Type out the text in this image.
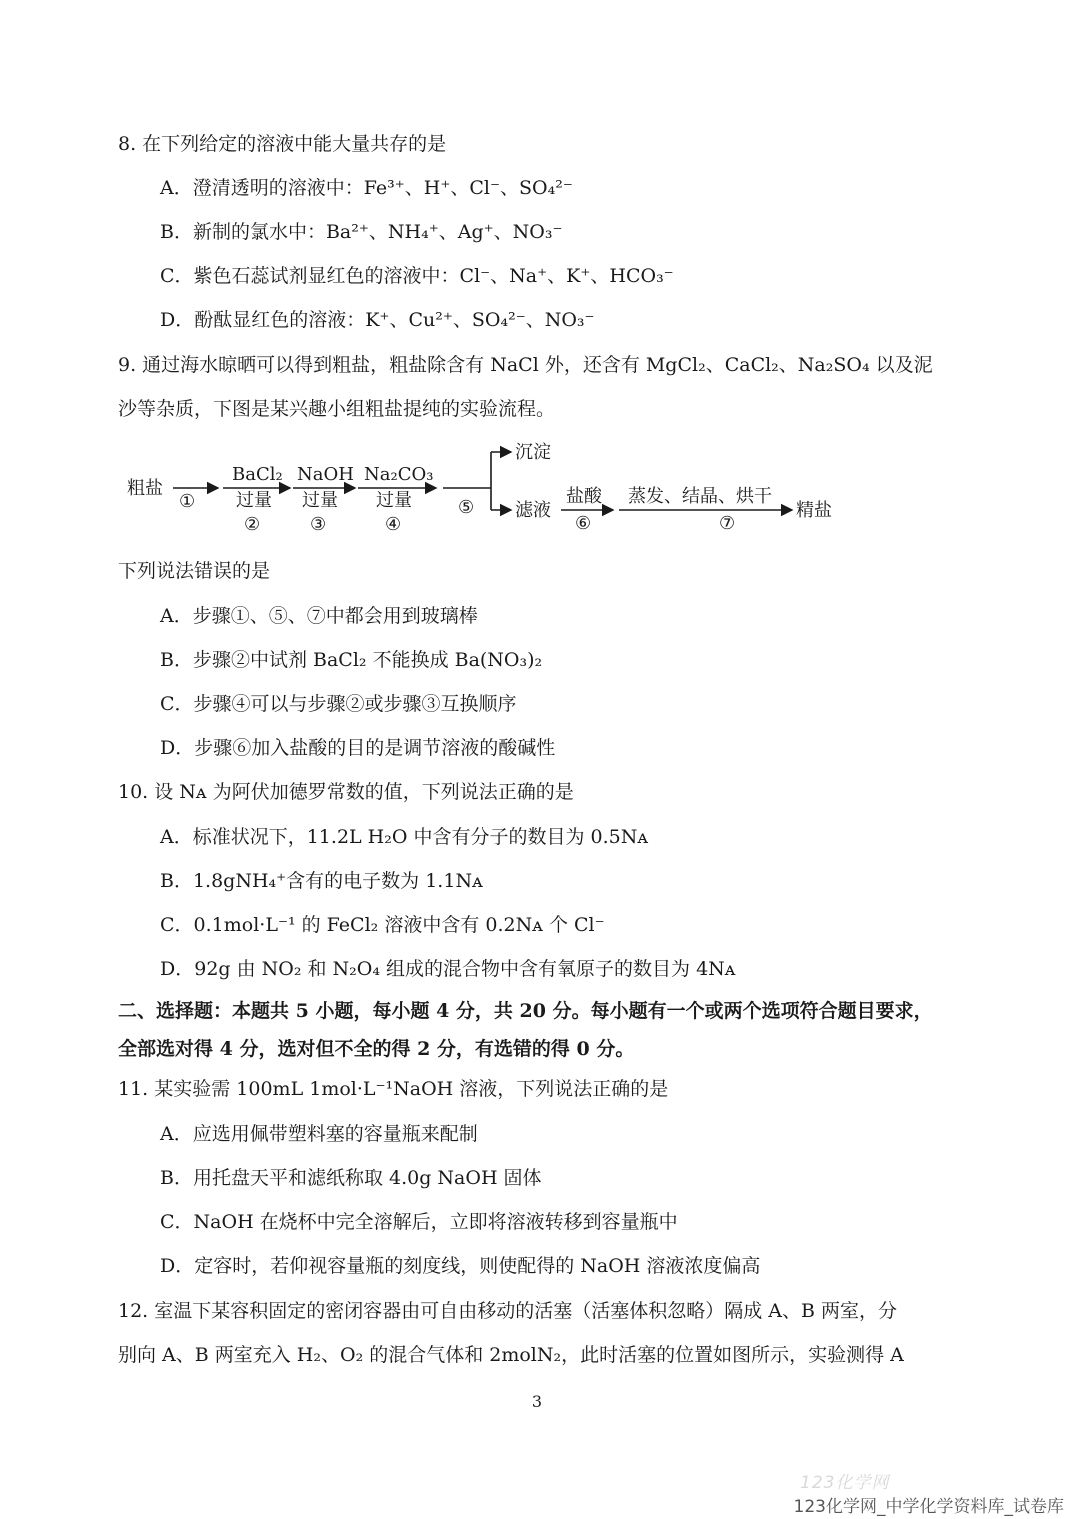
8. 在下列给定的溶液中能大量共存的是
A．澄清透明的溶液中：Fe³⁺、H⁺、Cl⁻、SO₄²⁻
B．新制的氯水中：Ba²⁺、NH₄⁺、Ag⁺、NO₃⁻
C．紫色石蕊试剂显红色的溶液中：Cl⁻、Na⁺、K⁺、HCO₃⁻
D．酚酞显红色的溶液：K⁺、Cu²⁺、SO₄²⁻、NO₃⁻
9. 通过海水晾晒可以得到粗盐，粗盐除含有 NaCl 外，还含有 MgCl₂、CaCl₂、Na₂SO₄ 以及泥
沙等杂质，下图是某兴趣小组粗盐提纯的实验流程。
粗盐
①
BaCl₂
过量
②
NaOH
过量
③
Na₂CO₃
过量
④
⑤
沉淀
滤液
盐酸
⑥
蒸发、结晶、烘干
⑦
精盐
下列说法错误的是
A．步骤①、⑤、⑦中都会用到玻璃棒
B．步骤②中试剂 BaCl₂ 不能换成 Ba(NO₃)₂
C．步骤④可以与步骤②或步骤③互换顺序
D．步骤⑥加入盐酸的目的是调节溶液的酸碱性
10. 设 Nᴀ 为阿伏加德罗常数的值，下列说法正确的是
A．标准状况下，11.2L H₂O 中含有分子的数目为 0.5Nᴀ
B．1.8gNH₄⁺含有的电子数为 1.1Nᴀ
C．0.1mol·L⁻¹ 的 FeCl₂ 溶液中含有 0.2Nᴀ 个 Cl⁻
D．92g 由 NO₂ 和 N₂O₄ 组成的混合物中含有氧原子的数目为 4Nᴀ
二、选择题：本题共 5 小题，每小题 4 分，共 20 分。每小题有一个或两个选项符合题目要求，
全部选对得 4 分，选对但不全的得 2 分，有选错的得 0 分。
11. 某实验需 100mL 1mol·L⁻¹NaOH 溶液，下列说法正确的是
A．应选用佩带塑料塞的容量瓶来配制
B．用托盘天平和滤纸称取 4.0g NaOH 固体
C．NaOH 在烧杯中完全溶解后，立即将溶液转移到容量瓶中
D．定容时，若仰视容量瓶的刻度线，则使配得的 NaOH 溶液浓度偏高
12. 室温下某容积固定的密闭容器由可自由移动的活塞（活塞体积忽略）隔成 A、B 两室，分
别向 A、B 两室充入 H₂、O₂ 的混合气体和 2molN₂，此时活塞的位置如图所示，实验测得 A
3
123化学网
123化学网_中学化学资料库_试卷库
